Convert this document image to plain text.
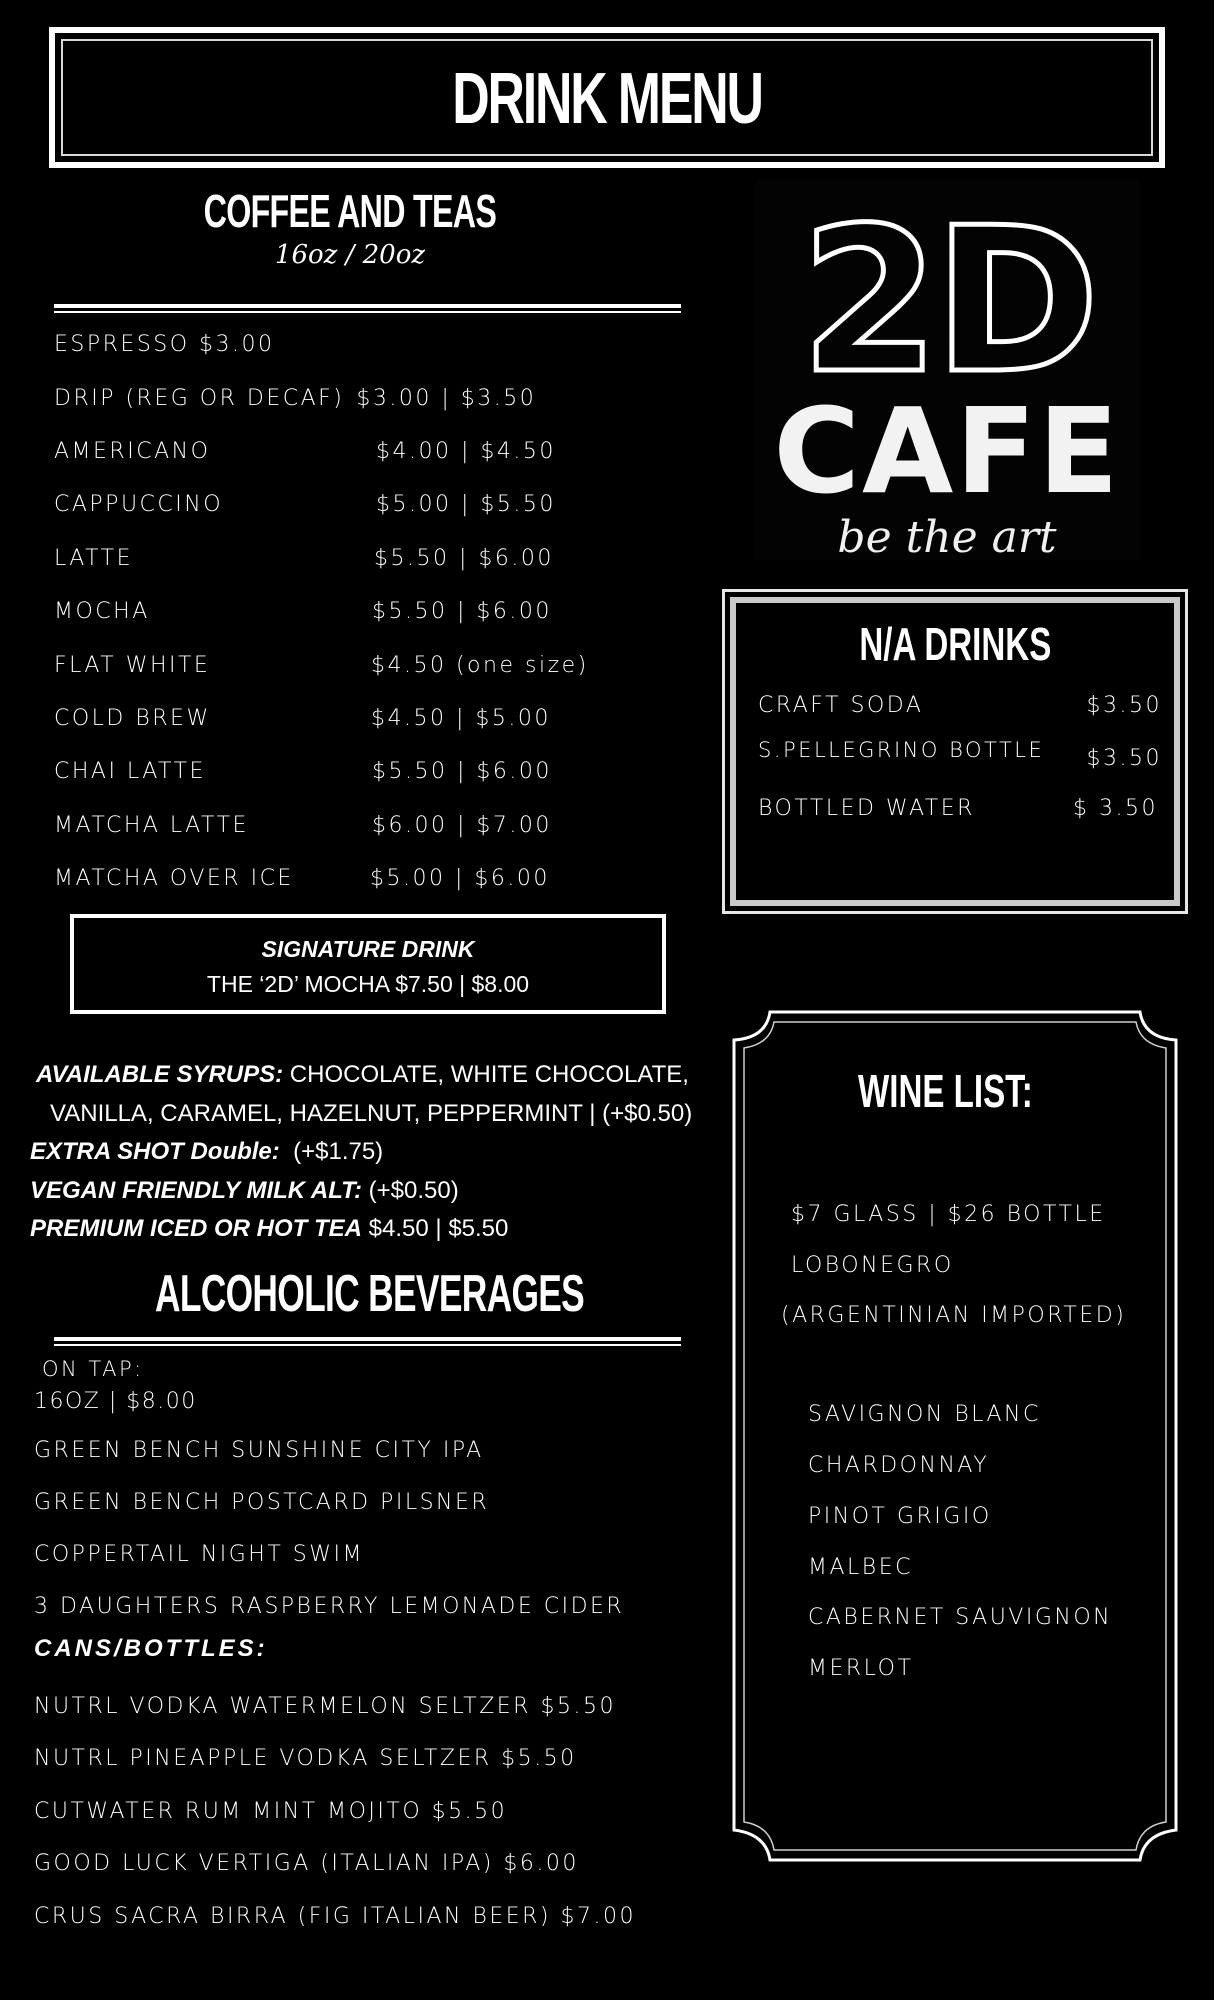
DRINK MENU
COFFEE AND TEAS
16oz / 20oz
ESPRESSO $3.00
DRIP (REG OR DECAF) $3.00 | $3.50
AMERICANO	$4.00 | $4.50
CAPPUCCINO	$5.00 | $5.50
LATTE	$5.50 | $6.00
MOCHA	$5.50 | $6.00
FLAT WHITE	$4.50 (one size)
COLD BREW	$4.50 | $5.00
CHAI LATTE	$5.50 | $6.00
MATCHA LATTE	$6.00 | $7.00
MATCHA OVER ICE	$5.00 | $6.00
SIGNATURE DRINK
THE ‘2D’ MOCHA $7.50 | $8.00
AVAILABLE SYRUPS: CHOCOLATE, WHITE CHOCOLATE,
VANILLA, CARAMEL, HAZELNUT, PEPPERMINT | (+$0.50)
EXTRA SHOT Double:  (+$1.75)
VEGAN FRIENDLY MILK ALT: (+$0.50)
PREMIUM ICED OR HOT TEA $4.50 | $5.50
ALCOHOLIC BEVERAGES
ON TAP:
16OZ | $8.00
GREEN BENCH SUNSHINE CITY IPA
GREEN BENCH POSTCARD PILSNER
COPPERTAIL NIGHT SWIM
3 DAUGHTERS RASPBERRY LEMONADE CIDER
CANS/BOTTLES:
NUTRL VODKA WATERMELON SELTZER $5.50
NUTRL PINEAPPLE VODKA SELTZER $5.50
CUTWATER RUM MINT MOJITO $5.50
GOOD LUCK VERTIGA (ITALIAN IPA) $6.00
CRUS SACRA BIRRA (FIG ITALIAN BEER) $7.00
2D
CAFE
be the art
N/A DRINKS
CRAFT SODA	$3.50
S.PELLEGRINO BOTTLE $3.50
BOTTLED WATER	$ 3.50
WINE LIST:
$7 GLASS | $26 BOTTLE
LOBONEGRO
(ARGENTINIAN IMPORTED)
SAVIGNON BLANC
CHARDONNAY
PINOT GRIGIO
MALBEC
CABERNET SAUVIGNON
MERLOT
